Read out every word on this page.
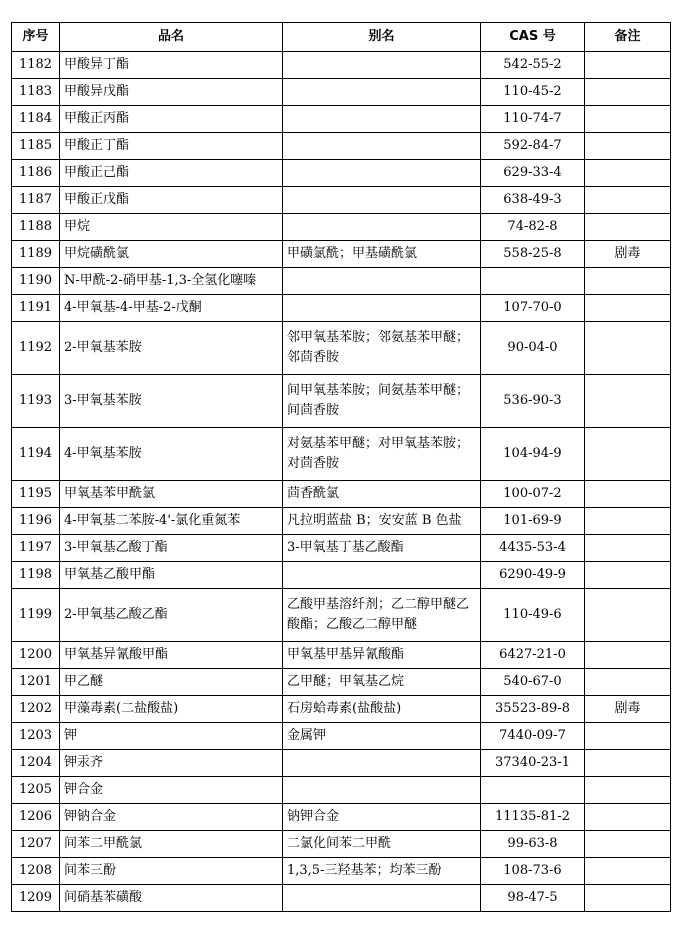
序号	品名	别名	CAS 号	备注
1182	甲酸异丁酯		542-55-2	
1183	甲酸异戊酯		110-45-2	
1184	甲酸正丙酯		110-74-7	
1185	甲酸正丁酯		592-84-7	
1186	甲酸正己酯		629-33-4	
1187	甲酸正戊酯		638-49-3	
1188	甲烷		74-82-8	
1189	甲烷磺酰氯	甲磺氯酰；甲基磺酰氯	558-25-8	剧毒
1190	N-甲酰-2-硝甲基-1,3-全氢化噻嗪			
1191	4-甲氧基-4-甲基-2-戊酮		107-70-0	
1192	2-甲氧基苯胺	邻甲氧基苯胺；邻氨基苯甲醚；邻茴香胺	90-04-0	
1193	3-甲氧基苯胺	间甲氧基苯胺；间氨基苯甲醚；间茴香胺	536-90-3	
1194	4-甲氧基苯胺	对氨基苯甲醚；对甲氧基苯胺；对茴香胺	104-94-9	
1195	甲氧基苯甲酰氯	茴香酰氯	100-07-2	
1196	4-甲氧基二苯胺-4'-氯化重氮苯	凡拉明蓝盐 B；安安蓝 B 色盐	101-69-9	
1197	3-甲氧基乙酸丁酯	3-甲氧基丁基乙酸酯	4435-53-4	
1198	甲氧基乙酸甲酯		6290-49-9	
1199	2-甲氧基乙酸乙酯	乙酸甲基溶纤剂；乙二醇甲醚乙酸酯；乙酸乙二醇甲醚	110-49-6	
1200	甲氧基异氰酸甲酯	甲氧基甲基异氰酸酯	6427-21-0	
1201	甲乙醚	乙甲醚；甲氧基乙烷	540-67-0	
1202	甲藻毒素(二盐酸盐)	石房蛤毒素(盐酸盐)	35523-89-8	剧毒
1203	钾	金属钾	7440-09-7	
1204	钾汞齐		37340-23-1	
1205	钾合金			
1206	钾钠合金	钠钾合金	11135-81-2	
1207	间苯二甲酰氯	二氯化间苯二甲酰	99-63-8	
1208	间苯三酚	1,3,5-三羟基苯；均苯三酚	108-73-6	
1209	间硝基苯磺酸		98-47-5	
